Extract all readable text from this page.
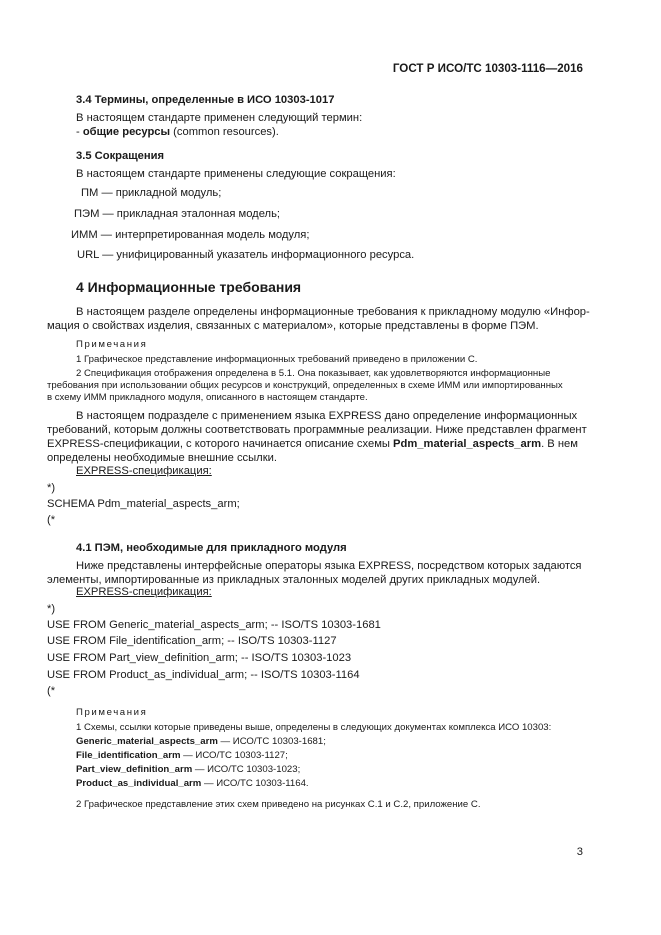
ГОСТ Р ИСО/ТС 10303-1116—2016
3.4 Термины, определенные в ИСО 10303-1017
В настоящем стандарте применен следующий термин:
- общие ресурсы (common resources).
3.5 Сокращения
В настоящем стандарте применены следующие сокращения:
ПМ — прикладной модуль;
ПЭМ — прикладная эталонная модель;
ИММ — интерпретированная модель модуля;
URL — унифицированный указатель информационного ресурса.
4 Информационные требования
В настоящем разделе определены информационные требования к прикладному модулю «Инфор-
мация о свойствах изделия, связанных с материалом», которые представлены в форме ПЭМ.
Примечания
1 Графическое представление информационных требований приведено в приложении С.
2 Спецификация отображения определена в 5.1. Она показывает, как удовлетворяются информационные
требования при использовании общих ресурсов и конструкций, определенных в схеме ИММ или импортированных
в схему ИММ прикладного модуля, описанного в настоящем стандарте.
В настоящем подразделе с применением языка EXPRESS дано определение информационных
требований, которым должны соответствовать программные реализации. Ниже представлен фрагмент
EXPRESS-спецификации, с которого начинается описание схемы Pdm_material_aspects_arm. В нем
определены необходимые внешние ссылки.
EXPRESS-спецификация:
*)
SCHEMA Pdm_material_aspects_arm;
(*
4.1 ПЭМ, необходимые для прикладного модуля
Ниже представлены интерфейсные операторы языка EXPRESS, посредством которых задаются
элементы, импортированные из прикладных эталонных моделей других прикладных модулей.
EXPRESS-спецификация:
*)
USE FROM Generic_material_aspects_arm; -- ISO/TS 10303-1681
USE FROM File_identification_arm; -- ISO/TS 10303-1127
USE FROM Part_view_definition_arm; -- ISO/TS 10303-1023
USE FROM Product_as_individual_arm; -- ISO/TS 10303-1164
(*
Примечания
1 Схемы, ссылки которые приведены выше, определены в следующих документах комплекса ИСО 10303:
Generic_material_aspects_arm — ИСО/ТС 10303-1681;
File_identification_arm — ИСО/ТС 10303-1127;
Part_view_definition_arm — ИСО/ТС 10303-1023;
Product_as_individual_arm — ИСО/ТС 10303-1164.
2 Графическое представление этих схем приведено на рисунках С.1 и С.2, приложение С.
3
